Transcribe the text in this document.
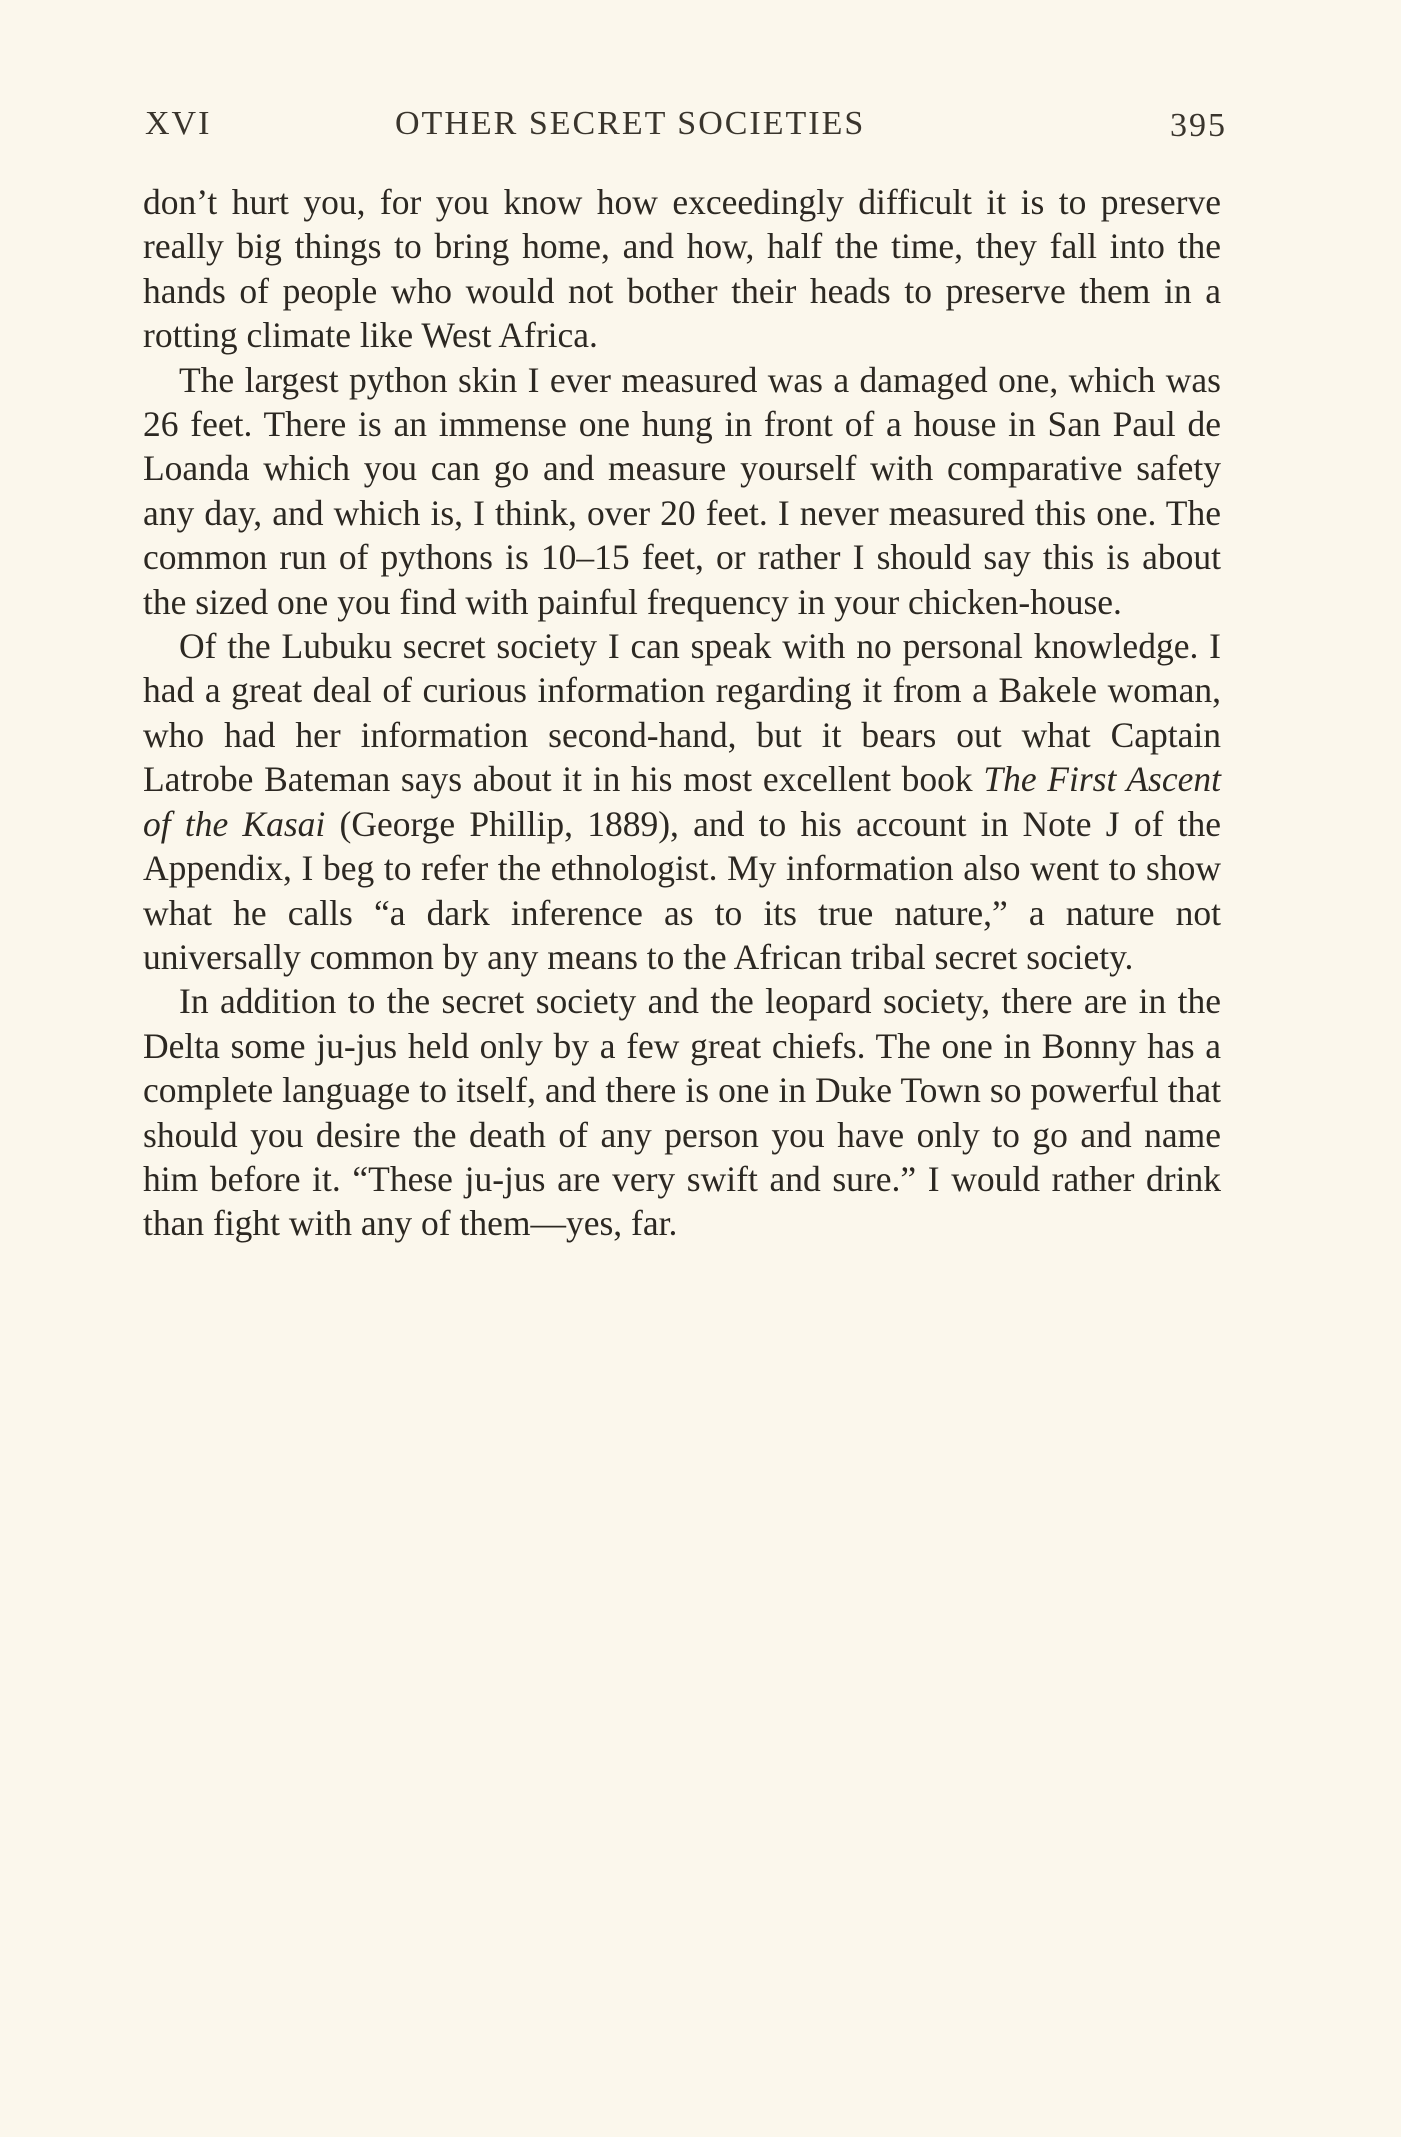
XVI	OTHER SECRET SOCIETIES	395

don’t hurt you, for you know how exceedingly difficult it is to preserve really big things to bring home, and how, half the time, they fall into the hands of people who would not bother their heads to preserve them in a rotting climate like West Africa.

The largest python skin I ever measured was a damaged one, which was 26 feet. There is an immense one hung in front of a house in San Paul de Loanda which you can go and measure yourself with comparative safety any day, and which is, I think, over 20 feet. I never measured this one. The common run of pythons is 10–15 feet, or rather I should say this is about the sized one you find with painful frequency in your chicken-house.

Of the Lubuku secret society I can speak with no personal knowledge. I had a great deal of curious information regarding it from a Bakele woman, who had her information second-hand, but it bears out what Captain Latrobe Bateman says about it in his most excellent book The First Ascent of the Kasai (George Phillip, 1889), and to his account in Note J of the Appendix, I beg to refer the ethnologist. My information also went to show what he calls “a dark inference as to its true nature,” a nature not universally common by any means to the African tribal secret society.

In addition to the secret society and the leopard society, there are in the Delta some ju-jus held only by a few great chiefs. The one in Bonny has a complete language to itself, and there is one in Duke Town so powerful that should you desire the death of any person you have only to go and name him before it. “These ju-jus are very swift and sure.” I would rather drink than fight with any of them—yes, far.
